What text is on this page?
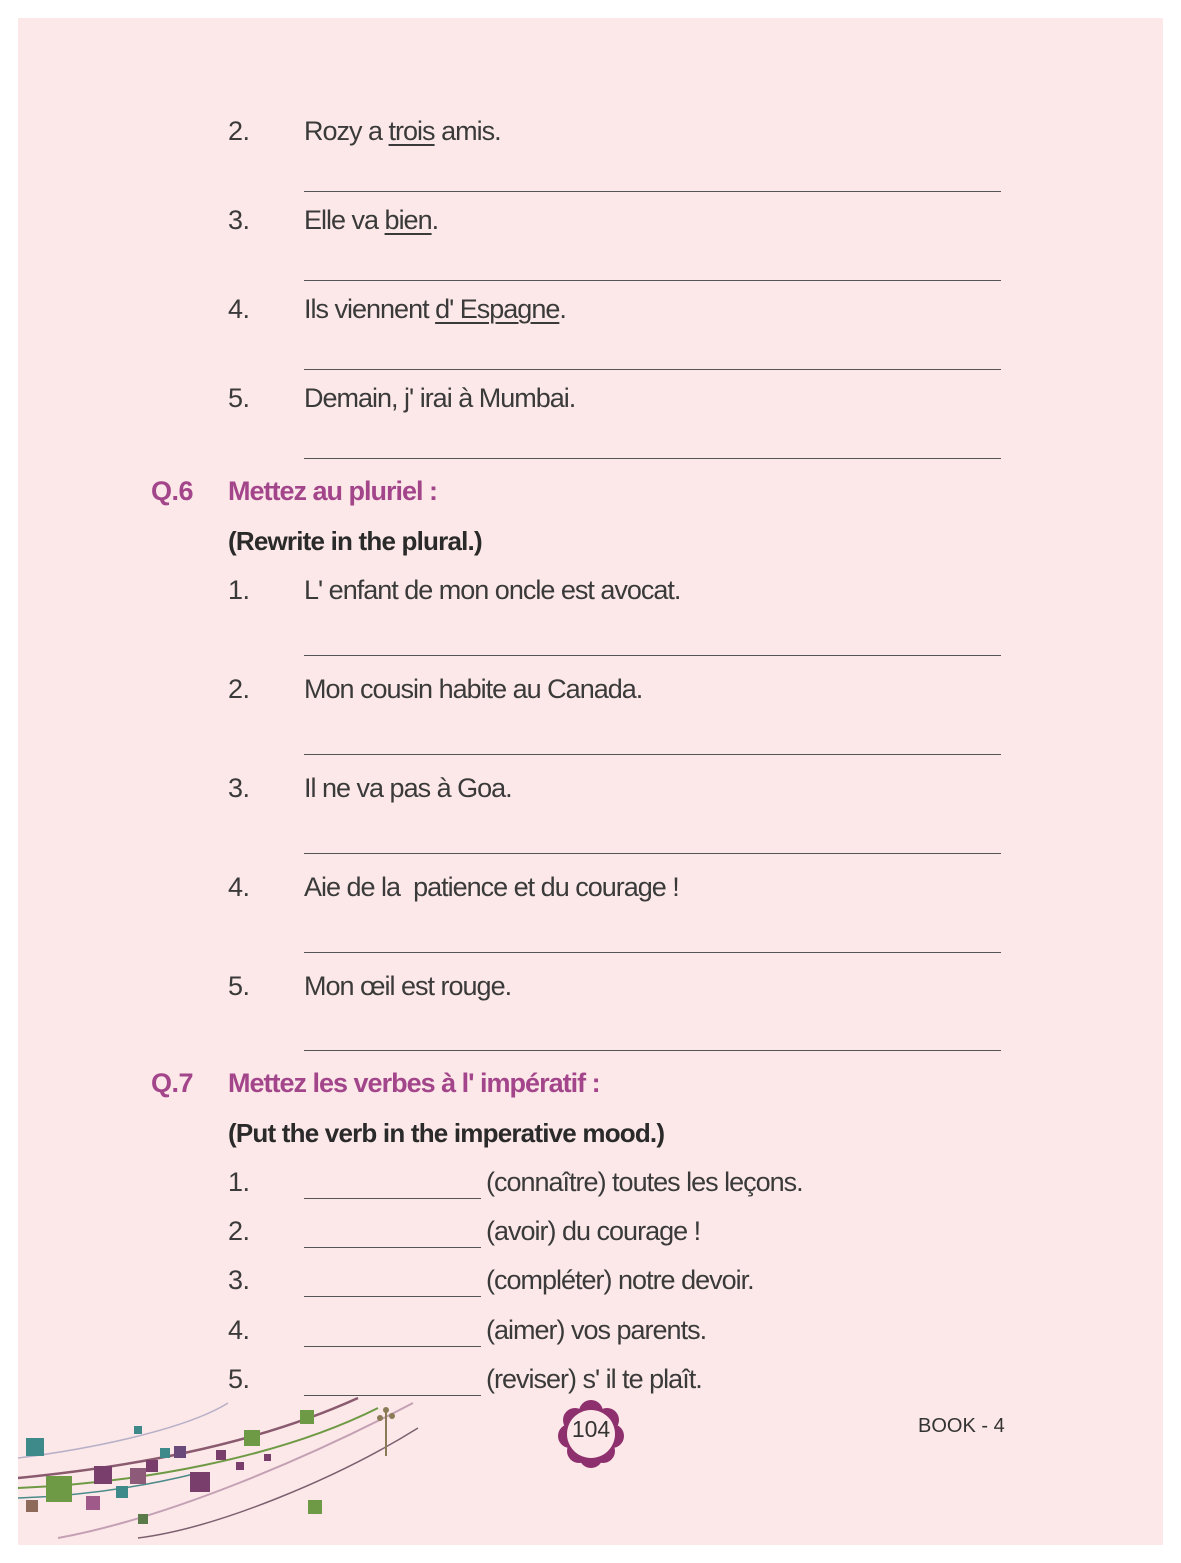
2. Rozy a trois amis.
3. Elle va bien.
4. Ils viennent d' Espagne.
5. Demain, j' irai à Mumbai.
Q.6 Mettez au pluriel :
(Rewrite in the plural.)
1. L' enfant de mon oncle est avocat.
2. Mon cousin habite au Canada.
3. Il ne va pas à Goa.
4. Aie de la  patience et du courage !
5. Mon œil est rouge.
Q.7 Mettez les verbes à l' impératif :
(Put the verb in the imperative mood.)
1.	(connaître) toutes les leçons.
2.	(avoir) du courage !
3.	(compléter) notre devoir.
4.	(aimer) vos parents.
5.	(reviser) s' il te plaît.
104	BOOK - 4
